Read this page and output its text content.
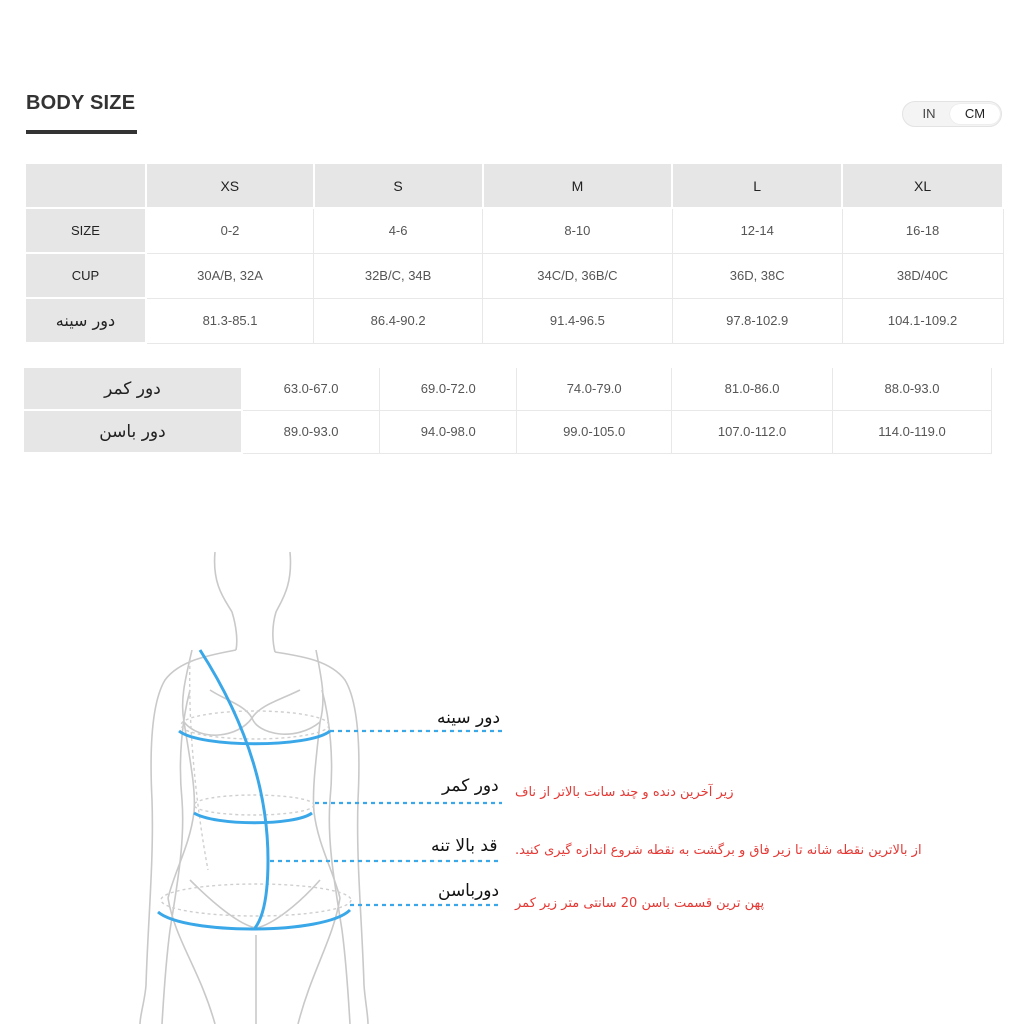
BODY SIZE	IN	CM
	XS	S	M	L	XL
SIZE	0-2	4-6	8-10	12-14	16-18
CUP	30A/B, 32A	32B/C, 34B	34C/D, 36B/C	36D, 38C	38D/40C
دور سینه	81.3-85.1	86.4-90.2	91.4-96.5	97.8-102.9	104.1-109.2
دور کمر	63.0-67.0	69.0-72.0	74.0-79.0	81.0-86.0	88.0-93.0
دور باسن	89.0-93.0	94.0-98.0	99.0-105.0	107.0-112.0	114.0-119.0
دور سینه
دور کمر
قد بالا تنه
دورباسن
زیر آخرین دنده و چند سانت بالاتر از ناف
از بالاترین نقطه شانه تا زیر فاق و برگشت به نقطه شروع اندازه گیری کنید.
پهن ترین قسمت باسن 20 سانتی متر زیر کمر
